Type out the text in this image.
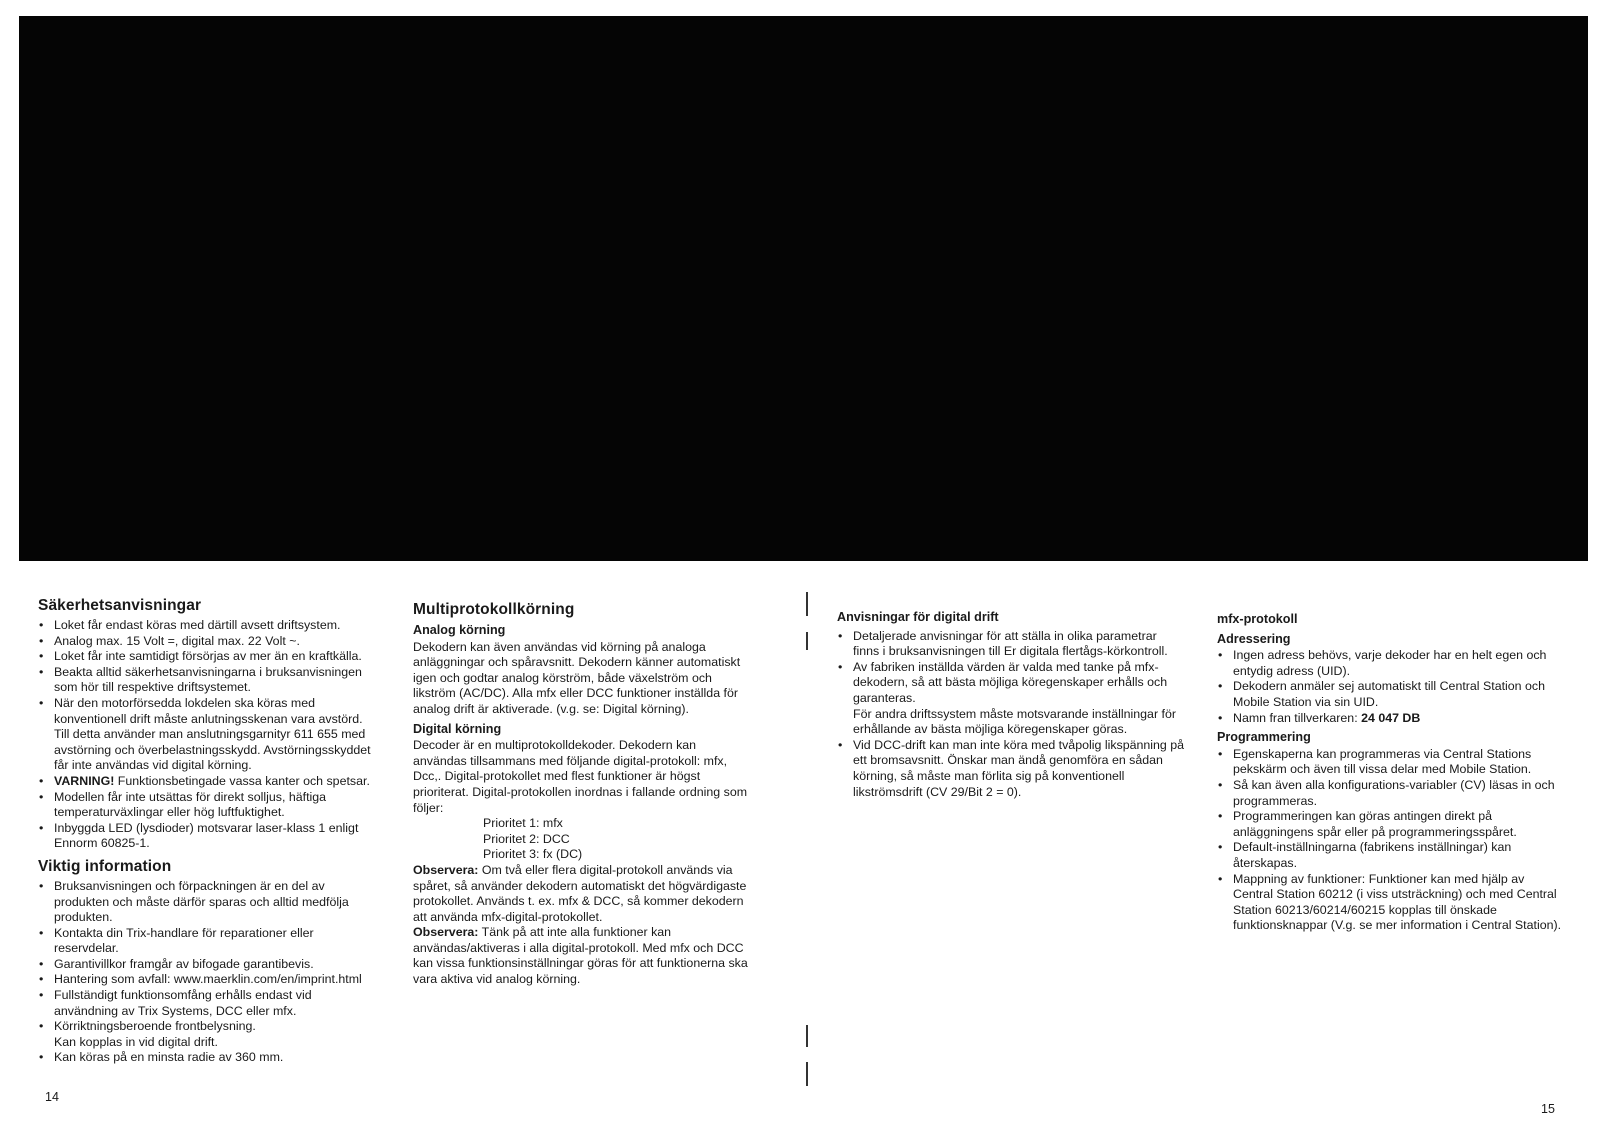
Säkerhetsanvisningar
• Loket får endast köras med därtill avsett driftsystem.
• Analog max. 15 Volt =, digital max. 22 Volt ~.
• Loket får inte samtidigt försörjas av mer än en kraftkälla.
• Beakta alltid säkerhetsanvisningarna i bruksanvisningen som hör till respektive driftsystemet.
• När den motorförsedda lokdelen ska köras med konventionell drift måste anlutningsskenan vara avstörd.
Till detta använder man anslutningsgarnityr 611 655 med avstörning och överbelastningsskydd. Avstörningsskyddet får inte användas vid digital körning.
• VARNING! Funktionsbetingade vassa kanter och spetsar.
• Modellen får inte utsättas för direkt solljus, häftiga temperaturväxlingar eller hög luftfuktighet.
• Inbyggda LED (lysdioder) motsvarar laser-klass 1 enligt Ennorm 60825-1.
Viktig information
• Bruksanvisningen och förpackningen är en del av produkten och måste därför sparas och alltid medfölja produkten.
• Kontakta din Trix-handlare för reparationer eller reservdelar.
• Garantivillkor framgår av bifogade garantibevis.
• Hantering som avfall: www.maerklin.com/en/imprint.html
• Fullständigt funktionsomfång erhålls endast vid användning av Trix Systems, DCC eller mfx.
• Körriktningsberoende frontbelysning.
Kan kopplas in vid digital drift.
• Kan köras på en minsta radie av 360 mm.
Multiprotokollkörning
Analog körning

Dekodern kan även användas vid körning på analoga anläggningar och spåravsnitt. Dekodern känner automatiskt igen och godtar analog körström, både växelström och likström (AC/DC). Alla mfx eller DCC funktioner inställda för analog drift är aktiverade. (v.g. se: Digital körning).

Digital körning

Decoder är en multiprotokolldekoder. Dekodern kan användas tillsammans med följande digital-protokoll: mfx, Dcc,. Digital-protokollet med flest funktioner är högst prioriterat. Digital-protokollen inordnas i fallande ordning som följer:

Prioritet 1: mfx

Prioritet 2: DCC

Prioritet 3: fx (DC)

Observera: Om två eller flera digital-protokoll används via spåret, så använder dekodern automatiskt det högvärdigaste protokollet. Används t. ex. mfx & DCC, så kommer dekodern att använda mfx-digital-protokollet.

Observera: Tänk på att inte alla funktioner kan användas/aktiveras i alla digital-protokoll. Med mfx och DCC kan vissa funktionsinställningar göras för att funktionerna ska vara aktiva vid analog körning.

Anvisningar för digital drift
• Detaljerade anvisningar för att ställa in olika parametrar finns i bruksanvisningen till Er digitala flertågs-körkontroll.
• Av fabriken inställda värden är valda med tanke på mfx-dekodern, så att bästa möjliga köregenskaper erhålls och garanteras.
För andra driftssystem måste motsvarande inställningar för erhållande av bästa möjliga köregenskaper göras.
• Vid DCC-drift kan man inte köra med tvåpolig likspänning på ett bromsavsnitt. Önskar man ändå genomföra en sådan körning, så måste man förlita sig på konventionell likströmsdrift (CV 29/Bit 2 = 0).
mfx-protokoll
Adressering
• Ingen adress behövs, varje dekoder har en helt egen och entydig adress (UID).
• Dekodern anmäler sej automatiskt till Central Station och Mobile Station via sin UID.
• Namn fran tillverkaren: 24 047 DB
Programmering
• Egenskaperna kan programmeras via Central Stations pekskärm och även till vissa delar med Mobile Station.
• Så kan även alla konfigurations-variabler (CV) läsas in och programmeras.
• Programmeringen kan göras antingen direkt på anläggningens spår eller på programmeringsspåret.
• Default-inställningarna (fabrikens inställningar) kan återskapas.
• Mappning av funktioner: Funktioner kan med hjälp av Central Station 60212 (i viss utsträckning) och med Central Station 60213/60214/60215 kopplas till önskade funktionsknappar (V.g. se mer information i Central Station).
14
15
